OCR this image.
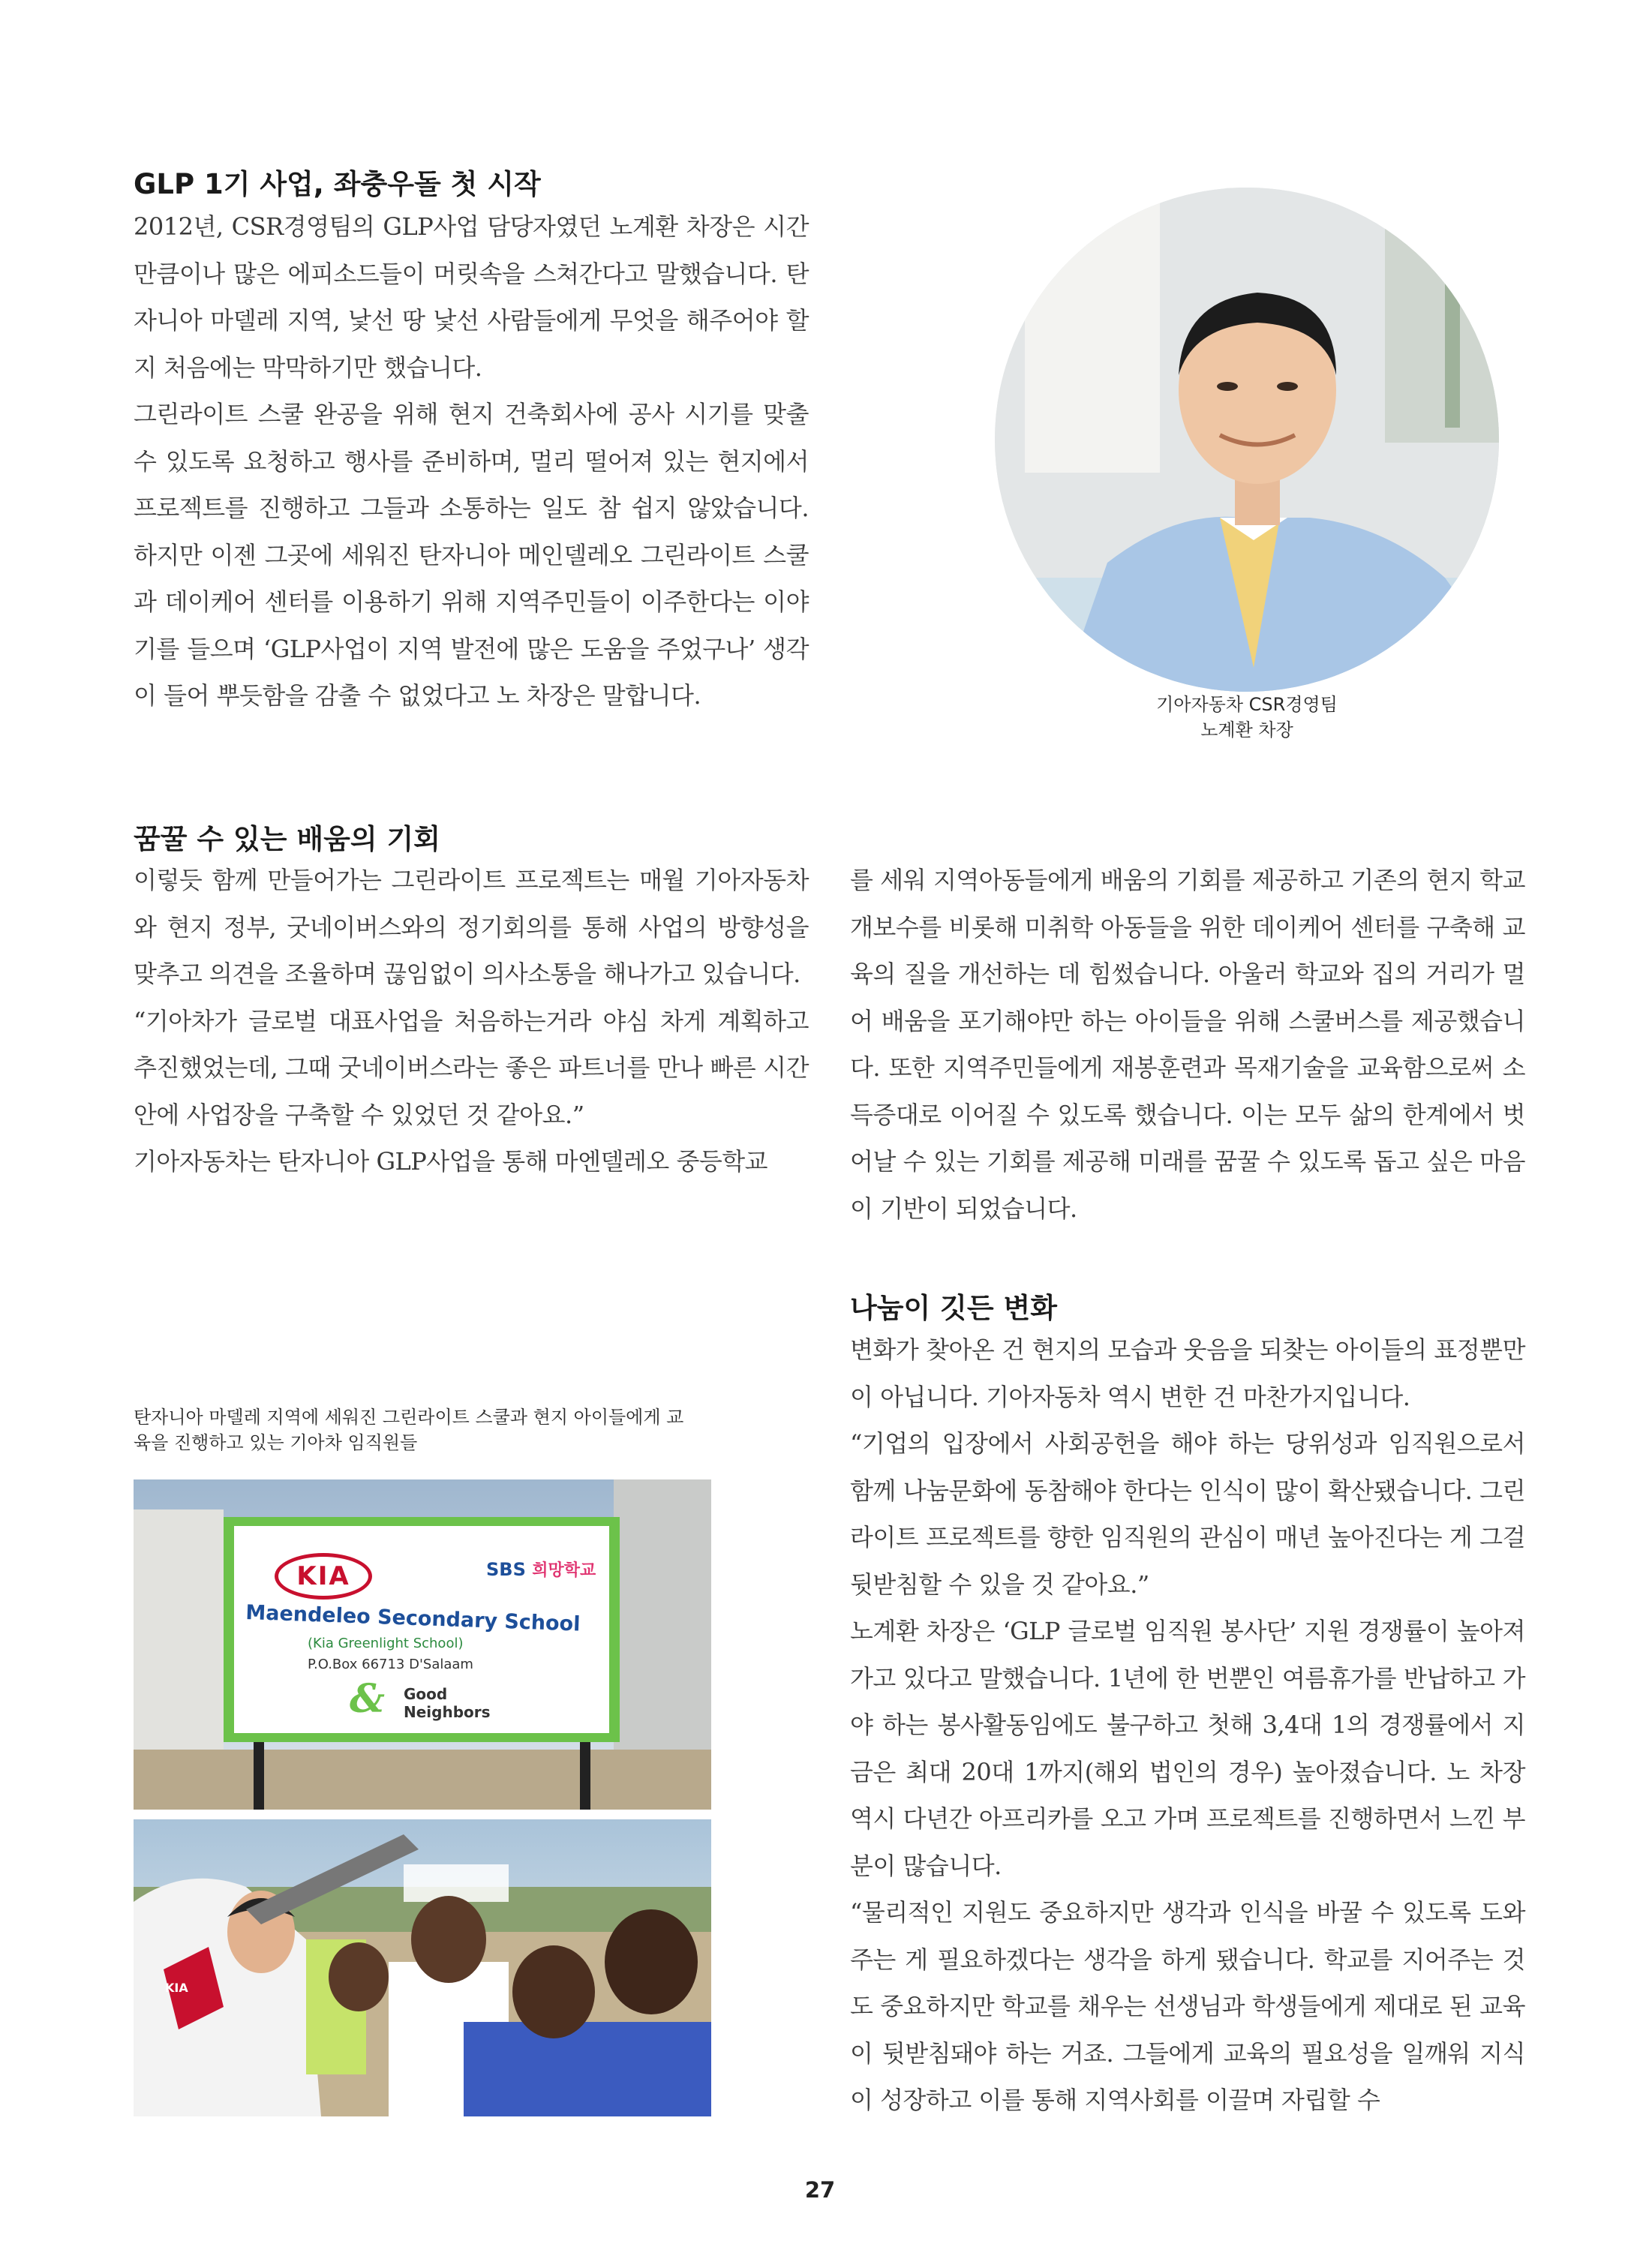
GLP 1기 사업, 좌충우돌 첫 시작

2012년, CSR경영팀의 GLP사업 담당자였던 노계환 차장은 시간만큼이나 많은 에피소드들이 머릿속을 스쳐간다고 말했습니다. 탄자니아 마델레 지역, 낯선 땅 낯선 사람들에게 무엇을 해주어야 할지 처음에는 막막하기만 했습니다.

그린라이트 스쿨 완공을 위해 현지 건축회사에 공사 시기를 맞출 수 있도록 요청하고 행사를 준비하며, 멀리 떨어져 있는 현지에서 프로젝트를 진행하고 그들과 소통하는 일도 참 쉽지 않았습니다. 하지만 이젠 그곳에 세워진 탄자니아 메인델레오 그린라이트 스쿨과 데이케어 센터를 이용하기 위해 지역주민들이 이주한다는 이야기를 들으며 ‘GLP사업이 지역 발전에 많은 도움을 주었구나’ 생각이 들어 뿌듯함을 감출 수 없었다고 노 차장은 말합니다.	기아자동차 CSR경영팀
노계환 차장
꿈꿀 수 있는 배움의 기회

이렇듯 함께 만들어가는 그린라이트 프로젝트는 매월 기아자동차와 현지 정부, 굿네이버스와의 정기회의를 통해 사업의 방향성을 맞추고 의견을 조율하며 끊임없이 의사소통을 해나가고 있습니다.

“기아차가 글로벌 대표사업을 처음하는거라 야심 차게 계획하고 추진했었는데, 그때 굿네이버스라는 좋은 파트너를 만나 빠른 시간 안에 사업장을 구축할 수 있었던 것 같아요.”

기아자동차는 탄자니아 GLP사업을 통해 마엔델레오 중등학교

를 세워 지역아동들에게 배움의 기회를 제공하고 기존의 현지 학교 개보수를 비롯해 미취학 아동들을 위한 데이케어 센터를 구축해 교육의 질을 개선하는 데 힘썼습니다. 아울러 학교와 집의 거리가 멀어 배움을 포기해야만 하는 아이들을 위해 스쿨버스를 제공했습니다. 또한 지역주민들에게 재봉훈련과 목재기술을 교육함으로써 소득증대로 이어질 수 있도록 했습니다. 이는 모두 삶의 한계에서 벗어날 수 있는 기회를 제공해 미래를 꿈꿀 수 있도록 돕고 싶은 마음이 기반이 되었습니다.

탄자니아 마델레 지역에 세워진 그린라이트 스쿨과 현지 아이들에게 교
육을 진행하고 있는 기아차 임직원들
KIA	SBS 희망학교
Maendeleo Secondary School
(Kia Greenlight School)
P.O.Box 66713 D'Salaam
& Good
Neighbors
KIA
나눔이 깃든 변화

변화가 찾아온 건 현지의 모습과 웃음을 되찾는 아이들의 표정뿐만이 아닙니다. 기아자동차 역시 변한 건 마찬가지입니다.

“기업의 입장에서 사회공헌을 해야 하는 당위성과 임직원으로서 함께 나눔문화에 동참해야 한다는 인식이 많이 확산됐습니다. 그린라이트 프로젝트를 향한 임직원의 관심이 매년 높아진다는 게 그걸 뒷받침할 수 있을 것 같아요.”

노계환 차장은 ‘GLP 글로벌 임직원 봉사단’ 지원 경쟁률이 높아져 가고 있다고 말했습니다. 1년에 한 번뿐인 여름휴가를 반납하고 가야 하는 봉사활동임에도 불구하고 첫해 3,4대 1의 경쟁률에서 지금은 최대 20대 1까지(해외 법인의 경우) 높아졌습니다. 노 차장 역시 다년간 아프리카를 오고 가며 프로젝트를 진행하면서 느낀 부분이 많습니다.

“물리적인 지원도 중요하지만 생각과 인식을 바꿀 수 있도록 도와주는 게 필요하겠다는 생각을 하게 됐습니다. 학교를 지어주는 것도 중요하지만 학교를 채우는 선생님과 학생들에게 제대로 된 교육이 뒷받침돼야 하는 거죠. 그들에게 교육의 필요성을 일깨워 지식이 성장하고 이를 통해 지역사회를 이끌며 자립할 수

27
